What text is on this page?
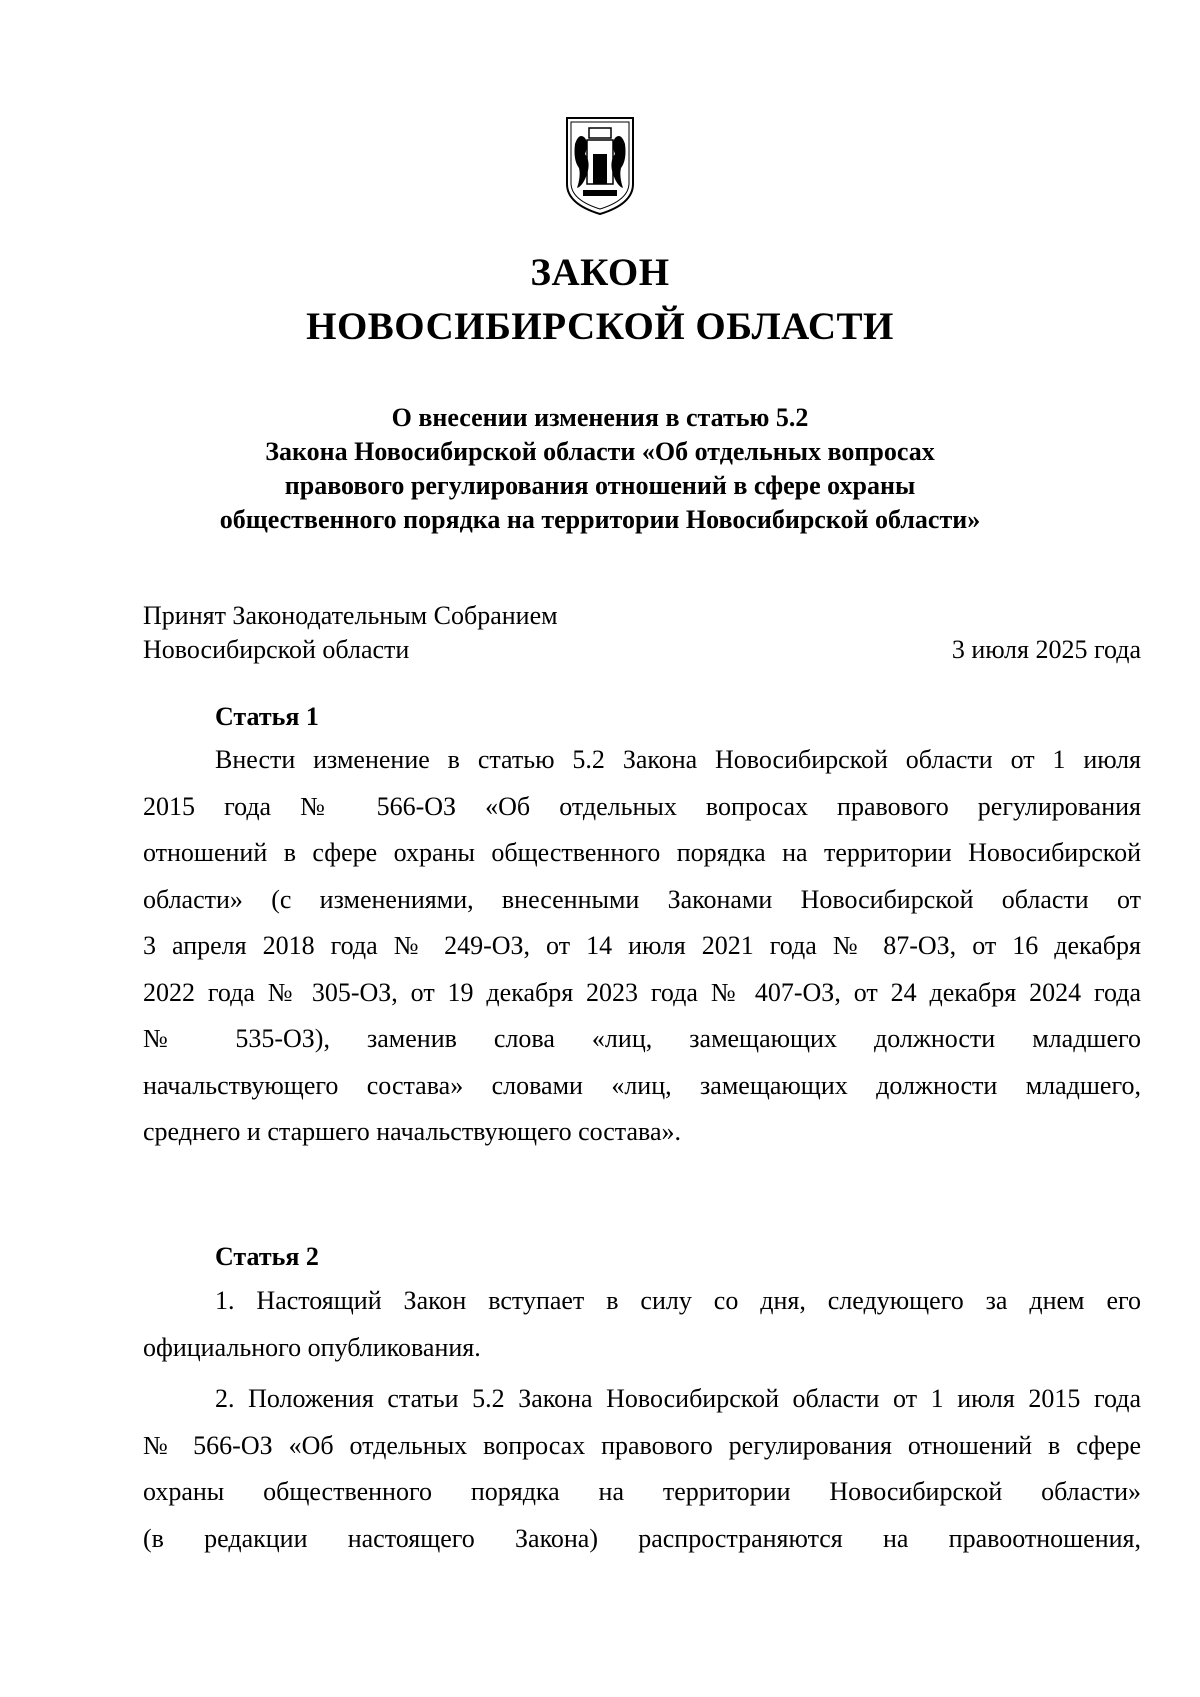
ЗАКОН
НОВОСИБИРСКОЙ ОБЛАСТИ
О внесении изменения в статью 5.2
Закона Новосибирской области «Об отдельных вопросах
правового регулирования отношений в сфере охраны
общественного порядка на территории Новосибирской области»
Принят Законодательным Собранием
Новосибирской области	3 июля 2025 года
Статья 1
Внести изменение в статью 5.2 Закона Новосибирской области от 1 июля
2015 года № 566-ОЗ «Об отдельных вопросах правового регулирования
отношений в сфере охраны общественного порядка на территории Новосибирской
области» (с изменениями, внесенными Законами Новосибирской области от
3 апреля 2018 года № 249-ОЗ, от 14 июля 2021 года № 87-ОЗ, от 16 декабря
2022 года № 305-ОЗ, от 19 декабря 2023 года № 407-ОЗ, от 24 декабря 2024 года
№ 535-ОЗ), заменив слова «лиц, замещающих должности младшего
начальствующего состава» словами «лиц, замещающих должности младшего,
среднего и старшего начальствующего состава».
Статья 2
1. Настоящий Закон вступает в силу со дня, следующего за днем его
официального опубликования.
2. Положения статьи 5.2 Закона Новосибирской области от 1 июля 2015 года
№ 566-ОЗ «Об отдельных вопросах правового регулирования отношений в сфере
охраны общественного порядка на территории Новосибирской области»
(в редакции настоящего Закона) распространяются на правоотношения,
